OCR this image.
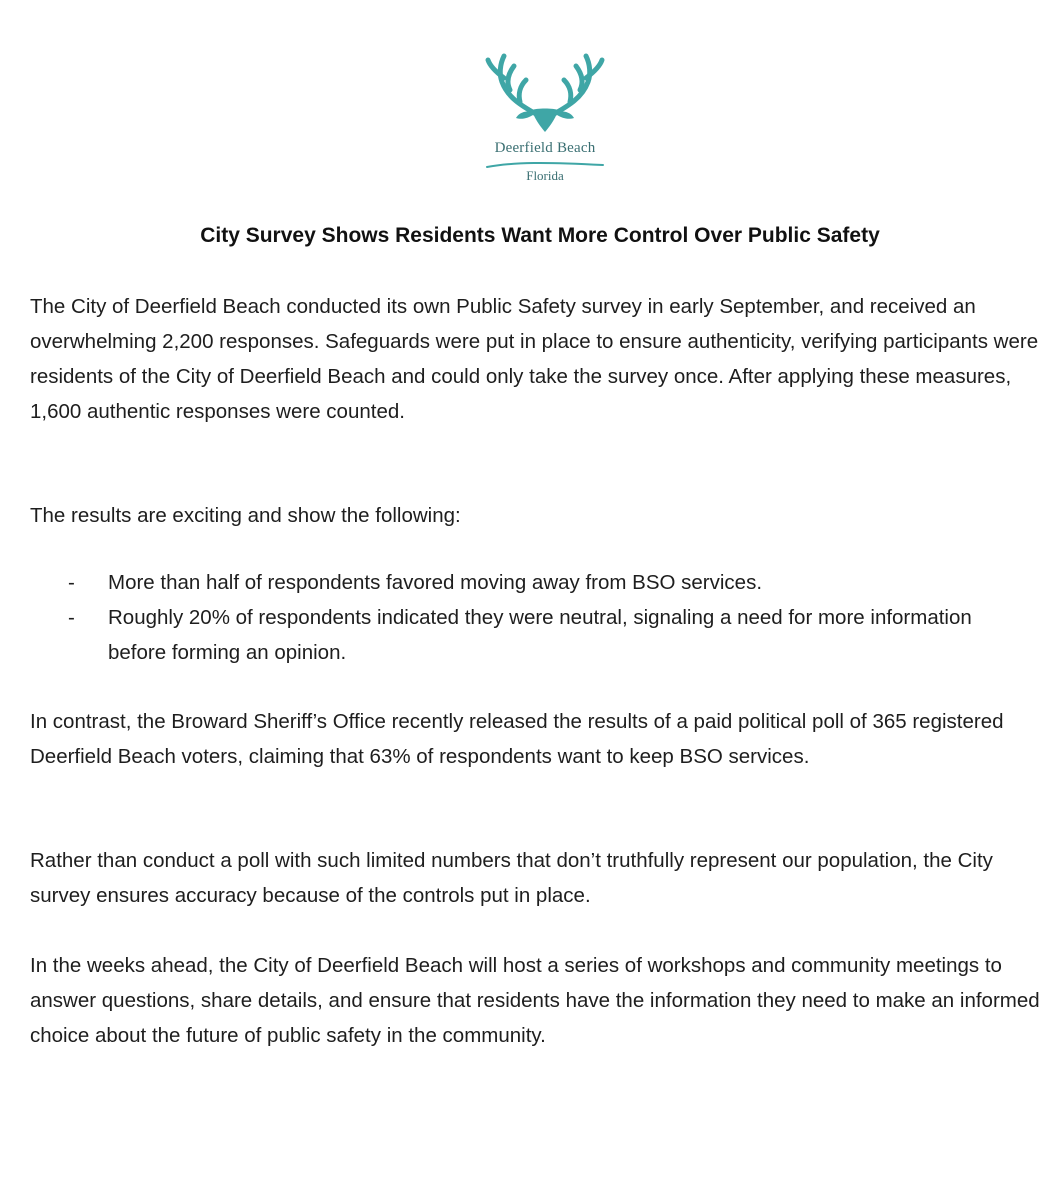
Deerfield Beach
Florida
City Survey Shows Residents Want More Control Over Public Safety

The City of Deerfield Beach conducted its own Public Safety survey in early September, and received an overwhelming 2,200 responses. Safeguards were put in place to ensure authenticity, verifying participants were residents of the City of Deerfield Beach and could only take the survey once. After applying these measures, 1,600 authentic responses were counted.

The results are exciting and show the following:

- More than half of respondents favored moving away from BSO services.
- Roughly 20% of respondents indicated they were neutral, signaling a need for more information before forming an opinion.

In contrast, the Broward Sheriff’s Office recently released the results of a paid political poll of 365 registered Deerfield Beach voters, claiming that 63% of respondents want to keep BSO services.

Rather than conduct a poll with such limited numbers that don’t truthfully represent our population, the City survey ensures accuracy because of the controls put in place.

In the weeks ahead, the City of Deerfield Beach will host a series of workshops and community meetings to answer questions, share details, and ensure that residents have the information they need to make an informed choice about the future of public safety in the community.
